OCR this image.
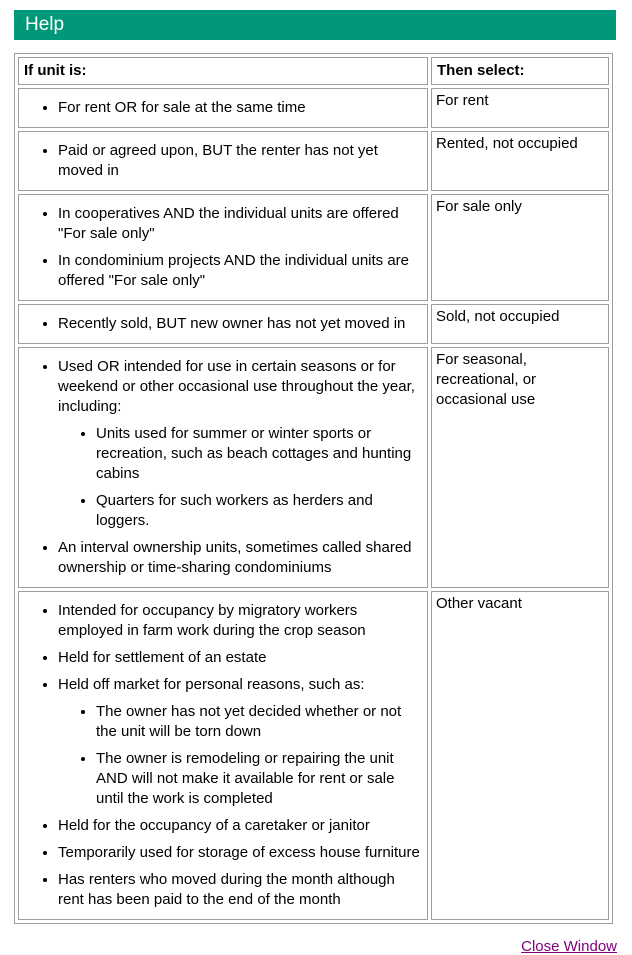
Help
If unit is:	Then select:

• For rent OR for sale at the same time	For rent

• Paid or agreed upon, BUT the renter has not yet moved in
	Rented, not occupied

• In cooperatives AND the individual units are offered "For sale only"
• In condominium projects AND the individual units are offered "For sale only"
	For sale only

• Recently sold, BUT new owner has not yet moved in	Sold, not occupied

• Used OR intended for use in certain seasons or for weekend or other occasional use throughout the year, including:
• Units used for summer or winter sports or recreation, such as beach cottages and hunting cabins
• Quarters for such workers as herders and loggers.
• An interval ownership units, sometimes called shared ownership or time-sharing condominiums
	For seasonal, recreational, or occasional use

• Intended for occupancy by migratory workers employed in farm work during the crop season
• Held for settlement of an estate
• Held off market for personal reasons, such as:
• The owner has not yet decided whether or not the unit will be torn down
• The owner is remodeling or repairing the unit AND will not make it available for rent or sale until the work is completed
• Held for the occupancy of a caretaker or janitor
• Temporarily used for storage of excess house furniture
• Has renters who moved during the month although rent has been paid to the end of the month
	Other vacant
Close Window
